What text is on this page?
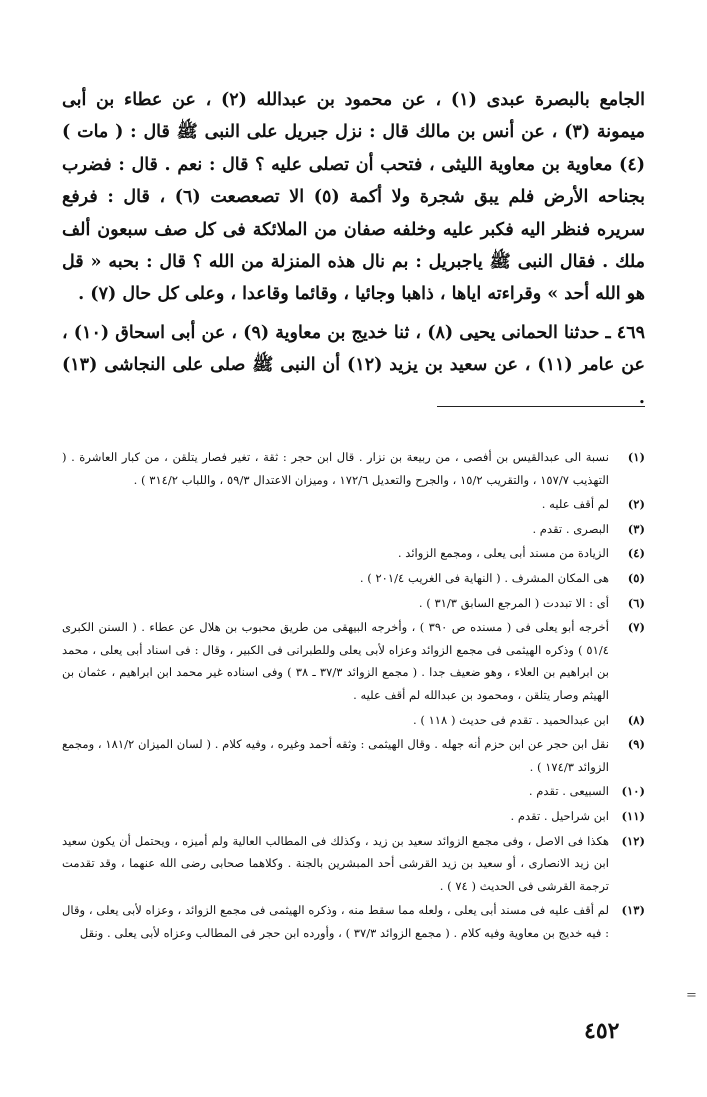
الجامع بالبصرة عبدى (١) ، عن محمود بن عبدالله (٢) ، عن عطاء بن أبى ميمونة (٣) ، عن أنس بن مالك قال : نزل جبريل على النبى ﷺ قال : ( مات ) (٤) معاوية بن معاوية الليثى ، فتحب أن تصلى عليه ؟ قال : نعم . قال : فضرب بجناحه الأرض فلم يبق شجرة ولا أكمة (٥) الا تصعصعت (٦) ، قال : فرفع سريره فنظر اليه فكبر عليه وخلفه صفان من الملائكة فى كل صف سبعون ألف ملك . فقال النبى ﷺ ياجبريل : بم نال هذه المنزلة من الله ؟ قال : بحبه « قل هو الله أحد » وقراءته اياها ، ذاهبا وجائيا ، وقائما وقاعدا ، وعلى كل حال (٧) .

٤٦٩ ـ حدثنا الحمانى يحيى (٨) ، ثنا خديج بن معاوية (٩) ، عن أبى اسحاق (١٠) ، عن عامر (١١) ، عن سعيد بن يزيد (١٢) أن النبى ﷺ صلى على النجاشى (١٣) .

(١)
نسبة الى عبدالقيس بن أفصى ، من ربيعة بن نزار . قال ابن حجر : ثقة ، تغير فصار يتلقن ، من كبار العاشرة . ( التهذيب ١٥٧/٧ ، والتقريب ١٥/٢ ، والجرح والتعديل ١٧٢/٦ ، وميزان الاعتدال ٥٩/٣ ، واللباب ٣١٤/٢ ) .
(٢)
لم أقف عليه .
(٣)
البصرى . تقدم .
(٤)
الزيادة من مسند أبى يعلى ، ومجمع الزوائد .
(٥)
هى المكان المشرف . ( النهاية فى الغريب ٢٠١/٤ ) .
(٦)
أى : الا تبددت ( المرجع السابق ٣١/٣ ) .
(٧)
أخرجه أبو يعلى فى ( مسنده ص ٣٩٠ ) ، وأخرجه البيهقى من طريق محبوب بن هلال عن عطاء . ( السنن الكبرى ٥١/٤ ) وذكره الهيثمى فى مجمع الزوائد وعزاه لأبى يعلى وللطبرانى فى الكبير ، وقال : فى اسناد أبى يعلى ، محمد بن ابراهيم بن العلاء ، وهو ضعيف جدا . ( مجمع الزوائد ٣٧/٣ ـ ٣٨ ) وفى اسناده غير محمد ابن ابراهيم ، عثمان بن الهيثم وصار يتلقن ، ومحمود بن عبدالله لم أقف عليه .
(٨)
ابن عبدالحميد . تقدم فى حديث ( ١١٨ ) .
(٩)
نقل ابن حجر عن ابن حزم أنه جهله . وقال الهيثمى : وثقه أحمد وغيره ، وفيه كلام . ( لسان الميزان ١٨١/٢ ، ومجمع الزوائد ١٧٤/٣ ) .
(١٠)
السبيعى . تقدم .
(١١)
ابن شراحيل . تقدم .
(١٢)
هكذا فى الاصل ، وفى مجمع الزوائد سعيد بن زيد ، وكذلك فى المطالب العالية ولم أميزه ، ويحتمل أن يكون سعيد ابن زيد الانصارى ، أو سعيد بن زيد القرشى أحد المبشرين بالجنة . وكلاهما صحابى رضى الله عنهما ، وقد تقدمت ترجمة القرشى فى الحديث ( ٧٤ ) .
(١٣)
لم أقف عليه فى مسند أبى يعلى ، ولعله مما سقط منه ، وذكره الهيثمى فى مجمع الزوائد ، وعزاه لأبى يعلى ، وقال : فيه خديج بن معاوية وفيه كلام . ( مجمع الزوائد ٣٧/٣ ) ، وأورده ابن حجر فى المطالب وعزاه لأبى يعلى . ونقل
٤٥٢
=
